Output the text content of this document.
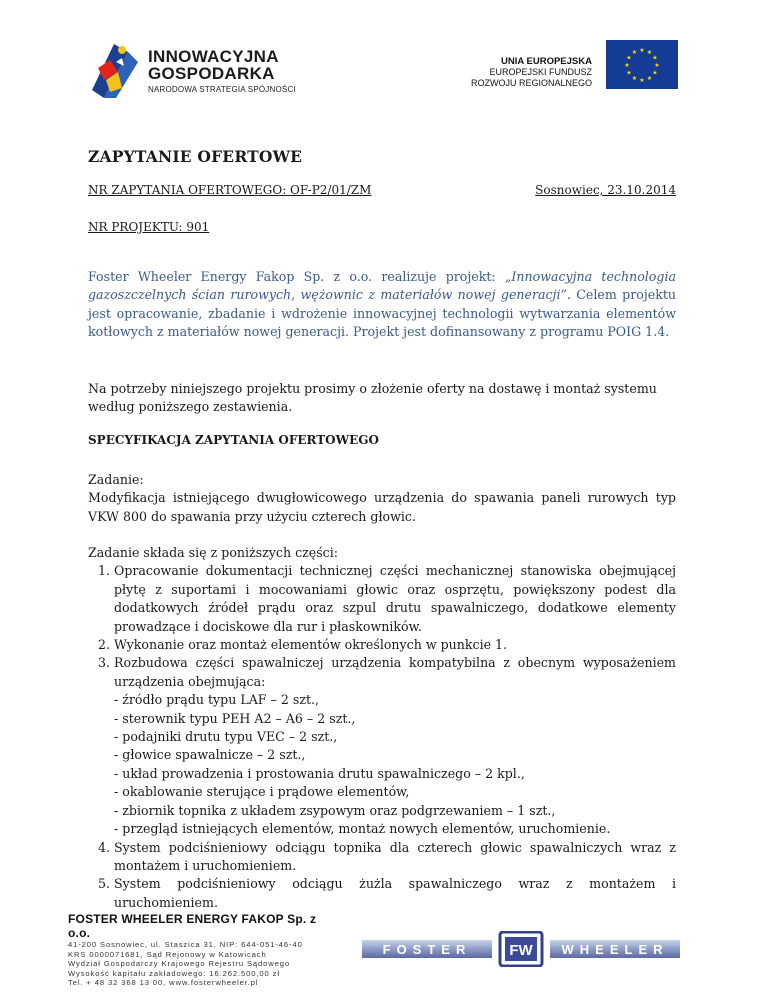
INNOWACYJNA
GOSPODARKA
NARODOWA STRATEGIA SPÓJNOŚCI
UNIA EUROPEJSKA
EUROPEJSKI FUNDUSZ
ROZWOJU REGIONALNEGO
★ ★
★
★
★
★
★
★
★
★
★
★
ZAPYTANIE OFERTOWE
NR ZAPYTANIA OFERTOWEGO: OF-P2/01/ZM	Sosnowiec, 23.10.2014
NR PROJEKTU: 901
Foster Wheeler Energy Fakop Sp. z o.o. realizuje projekt: „Innowacyjna technologia gazoszczelnych ścian rurowych, wężownic z materiałów nowej generacji”. Celem projektu jest opracowanie, zbadanie i wdrożenie innowacyjnej technologii wytwarzania elementów kotłowych z materiałów nowej generacji. Projekt jest dofinansowany z programu POIG 1.4.
Na potrzeby niniejszego projektu prosimy o złożenie oferty na dostawę i montaż systemu według poniższego zestawienia.
SPECYFIKACJA ZAPYTANIA OFERTOWEGO
Zadanie:
Modyfikacja istniejącego dwugłowicowego urządzenia do spawania paneli rurowych typ VKW 800 do spawania przy użyciu czterech głowic.
Zadanie składa się z poniższych części:
1. Opracowanie dokumentacji technicznej części mechanicznej stanowiska obejmującej płytę z suportami i mocowaniami głowic oraz osprzętu, powiększony podest dla dodatkowych źródeł prądu oraz szpul drutu spawalniczego, dodatkowe elementy prowadzące i dociskowe dla rur i płaskowników.
2. Wykonanie oraz montaż elementów określonych w punkcie 1.
3. Rozbudowa części spawalniczej urządzenia kompatybilna z obecnym wyposażeniem urządzenia obejmująca:
- źródło prądu typu LAF – 2 szt.,
- sterownik typu PEH A2 – A6 – 2 szt.,
- podajniki drutu typu VEC – 2 szt.,
- głowice spawalnicze – 2 szt.,
- układ prowadzenia i prostowania drutu spawalniczego – 2 kpl.,
- okablowanie sterujące i prądowe elementów,
- zbiornik topnika z układem zsypowym oraz podgrzewaniem – 1 szt.,
- przegląd istniejących elementów, montaż nowych elementów, uruchomienie.
4. System podciśnieniowy odciągu topnika dla czterech głowic spawalniczych wraz z montażem i uruchomieniem.
5. System podciśnieniowy odciągu żużla spawalniczego wraz z montażem i uruchomieniem.
FOSTER WHEELER ENERGY FAKOP Sp. z o.o.
41-200 Sosnowiec, ul. Staszica 31, NIP: 644-051-46-40
KRS 0000071681, Sąd Rejonowy w Katowicach
Wydział Gospodarczy Krajowego Rejestru Sądowego
Wysokość kapitału zakładowego: 16.262.500,00 zł
Tel. + 48 32 368 13 00, www.fosterwheeler.pl
FOSTER	WHEELER
FW
